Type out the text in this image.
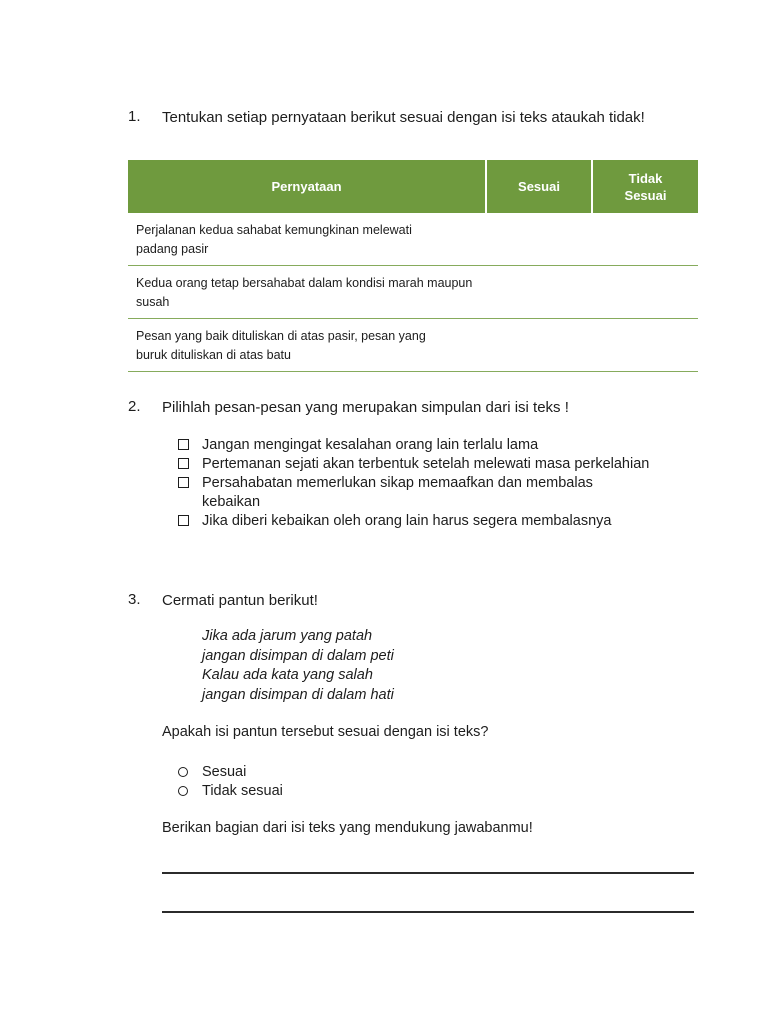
1. Tentukan setiap pernyataan berikut sesuai dengan isi teks ataukah tidak!
Pernyataan	Sesuai	Tidak Sesuai

Perjalanan kedua sahabat kemungkinan melewati padang pasir		

Kedua orang tetap bersahabat dalam kondisi marah maupun susah		

Pesan yang baik dituliskan di atas pasir, pesan yang buruk dituliskan di atas batu		

2. Pilihlah pesan-pesan yang merupakan simpulan dari isi teks !
Jangan mengingat kesalahan orang lain terlalu lama
Pertemanan sejati akan terbentuk setelah melewati masa perkelahian
Persahabatan memerlukan sikap memaafkan dan membalas kebaikan
Jika diberi kebaikan oleh orang lain harus segera membalasnya
3. Cermati pantun berikut!
Jika ada jarum yang patah
jangan disimpan di dalam peti
Kalau ada kata yang salah
jangan disimpan di dalam hati
Apakah isi pantun tersebut sesuai dengan isi teks?
Sesuai
Tidak sesuai
Berikan bagian dari isi teks yang mendukung jawabanmu!
